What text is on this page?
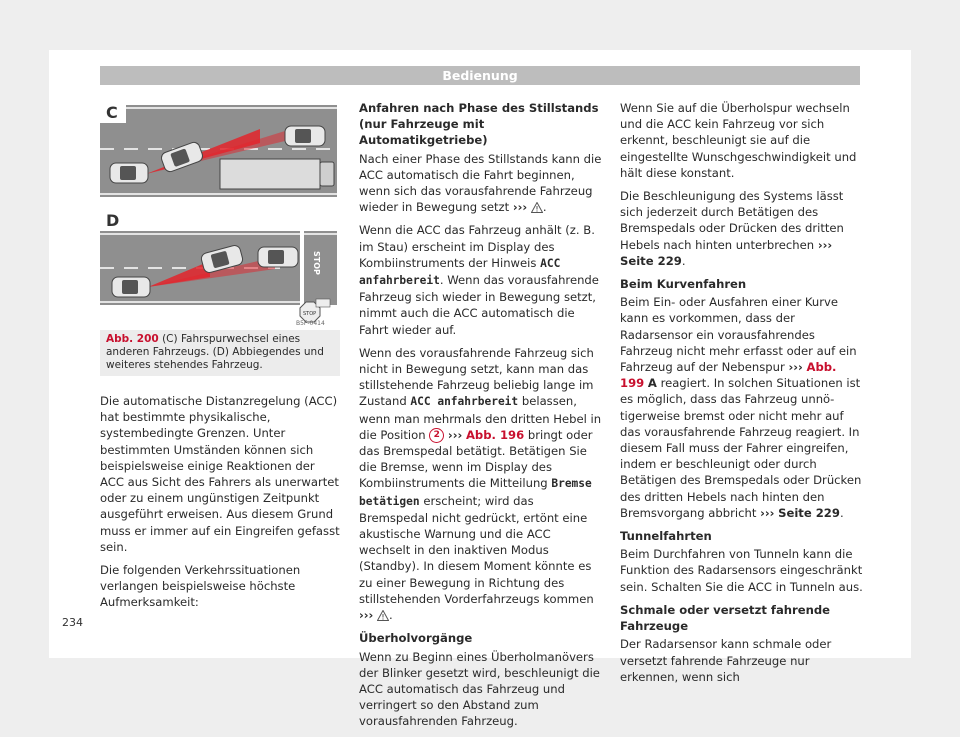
Bedienung
C
D
STOP
STOP
B5F-0414
Abb. 200 (C) Fahrspurwechsel eines anderen Fahrzeugs. (D) Abbiegendes und weiteres stehendes Fahrzeug.

Die automatische Distanzregelung (ACC) hat bestimmte physikalische, systembedingte Grenzen. Unter bestimmten Umständen können sich beispielsweise einige Reaktionen der ACC aus Sicht des Fahrers als unerwartet oder zu einem ungünstigen Zeitpunkt ausgeführt erweisen. Aus diesem Grund muss er immer auf ein Eingreifen gefasst sein.

Die folgenden Verkehrssituationen verlangen beispielsweise höchste Aufmerksamkeit:

Anfahren nach Phase des Stillstands (nur Fahrzeuge mit Automatikgetriebe)

Nach einer Phase des Stillstands kann die ACC automatisch die Fahrt beginnen, wenn sich das vorausfahrende Fahrzeug wieder in Bewegung setzt ››› .

Wenn die ACC das Fahrzeug anhält (z. B. im Stau) erscheint im Display des Kombiinstruments der Hinweis ACC anfahrbereit. Wenn das vorausfahrende Fahrzeug sich wieder in Bewegung setzt, nimmt auch die ACC automatisch die Fahrt wieder auf.

Wenn des vorausfahrende Fahrzeug sich nicht in Bewegung setzt, kann man das stillstehende Fahrzeug beliebig lange im Zustand ACC anfahrbereit belassen, wenn man mehrmals den dritten Hebel in die Position 2 ››› Abb. 196 bringt oder das Bremspedal betätigt. Betätigen Sie die Bremse, wenn im Display des Kombiinstruments die Mitteilung Bremse betätigen erscheint; wird das Bremspedal nicht gedrückt, ertönt eine akustische Warnung und die ACC wechselt in den inaktiven Modus (Standby). In diesem Moment könnte es zu einer Bewegung in Richtung des stillstehenden Vorderfahrzeugs kommen ››› .

Überholvorgänge

Wenn zu Beginn eines Überholmanövers der Blinker gesetzt wird, beschleunigt die ACC automatisch das Fahrzeug und verringert so den Abstand zum vorausfahrenden Fahrzeug.

Wenn Sie auf die Überholspur wechseln und die ACC kein Fahrzeug vor sich erkennt, beschleunigt sie auf die eingestellte Wunschgeschwindigkeit und hält diese konstant.

Die Beschleunigung des Systems lässt sich jederzeit durch Betätigen des Bremspedals oder Drücken des dritten Hebels nach hinten unterbrechen ››› Seite 229.

Beim Kurvenfahren

Beim Ein- oder Ausfahren einer Kurve kann es vorkommen, dass der Radarsensor ein vorausfahrendes Fahrzeug nicht mehr erfasst oder auf ein Fahrzeug auf der Nebenspur ››› Abb. 199 A reagiert. In solchen Situationen ist es möglich, dass das Fahrzeug unnötigerweise bremst oder nicht mehr auf das vorausfahrende Fahrzeug reagiert. In diesem Fall muss der Fahrer eingreifen, indem er beschleunigt oder durch Betätigen des Bremspedals oder Drücken des dritten Hebels nach hinten den Bremsvorgang abbricht ››› Seite 229.

Tunnelfahrten

Beim Durchfahren von Tunneln kann die Funktion des Radarsensors eingeschränkt sein. Schalten Sie die ACC in Tunneln aus.

Schmale oder versetzt fahrende Fahrzeuge

Der Radarsensor kann schmale oder versetzt fahrende Fahrzeuge nur erkennen, wenn sich

234
